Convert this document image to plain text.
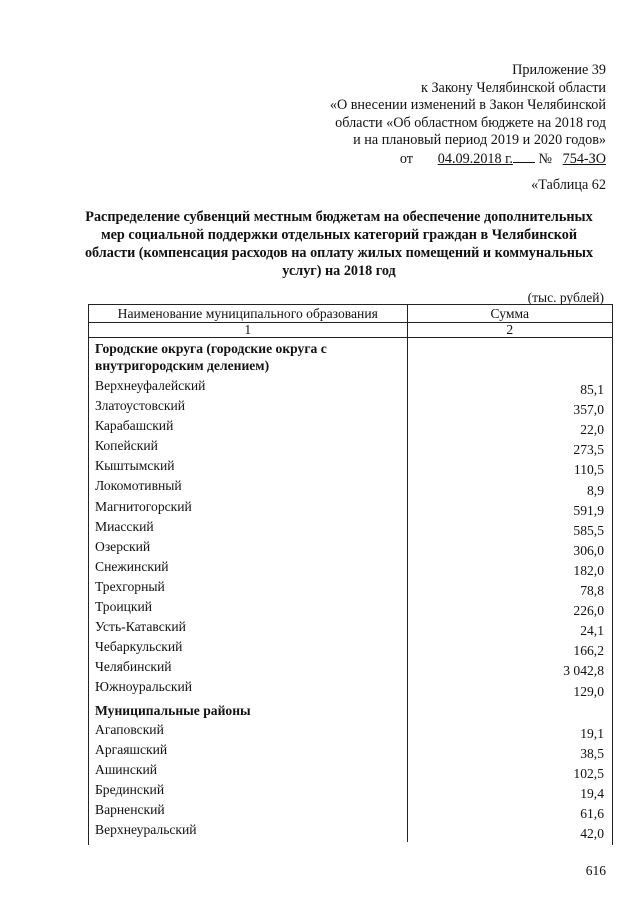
Приложение 39
к Закону Челябинской области
«О внесении изменений в Закон Челябинской
области «Об областном бюджете на 2018 год
и на плановый период 2019 и 2020 годов»
от 04.09.2018 г. № 754-ЗО
«Таблица 62
Распределение субвенций местным бюджетам на обеспечение дополнительных мер социальной поддержки отдельных категорий граждан в Челябинской области (компенсация расходов на оплату жилых помещений и коммунальных услуг) на 2018 год
(тыс. рублей)
Наименование муниципального образования	Сумма
1	2
Городские округа (городские округа с внутригородским делением)	
Верхнеуфалейский	85,1
Златоустовский	357,0
Карабашский	22,0
Копейский	273,5
Кыштымский	110,5
Локомотивный	8,9
Магнитогорский	591,9
Миасский	585,5
Озерский	306,0
Снежинский	182,0
Трехгорный	78,8
Троицкий	226,0
Усть-Катавский	24,1
Чебаркульский	166,2
Челябинский	3 042,8
Южноуральский	129,0
Муниципальные районы	
Агаповский	19,1
Аргаяшский	38,5
Ашинский	102,5
Брединский	19,4
Варненский	61,6
Верхнеуральский	42,0
616
